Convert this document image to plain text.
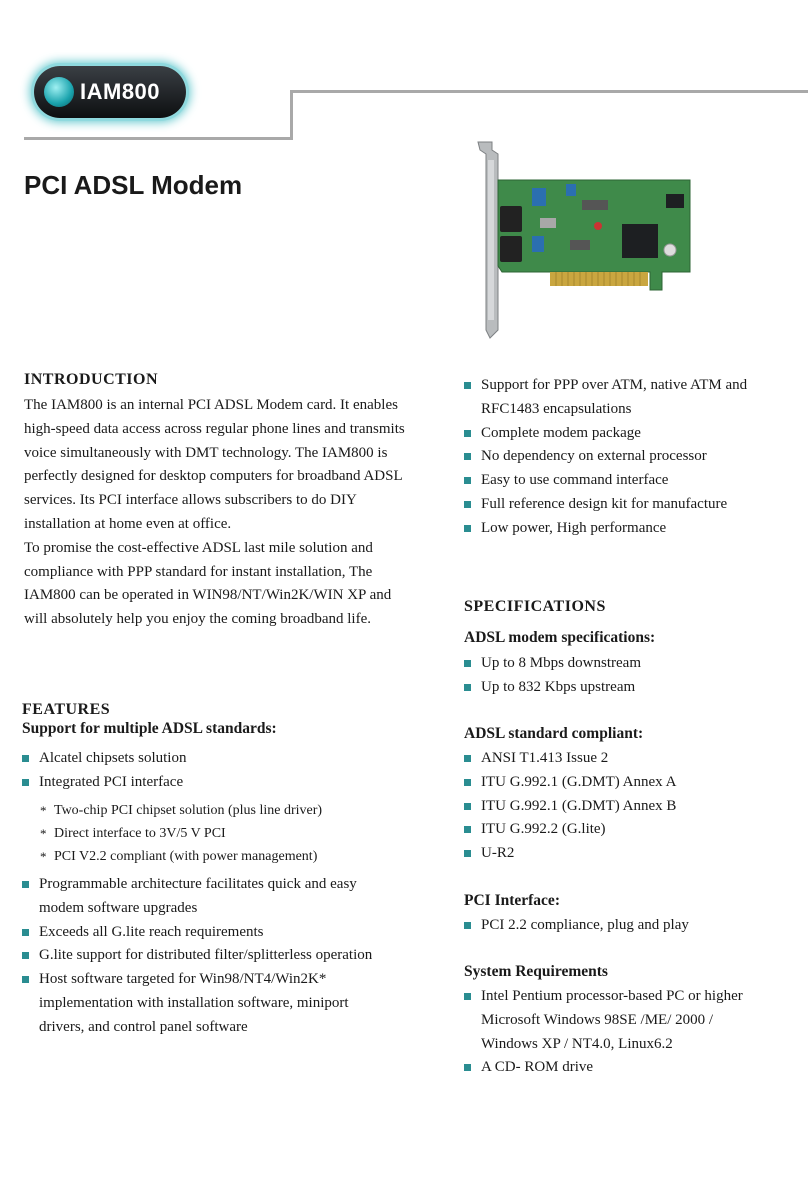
IAM800
PCI ADSL Modem
INTRODUCTION
The IAM800 is an internal PCI ADSL Modem card. It enables
high-speed data access across regular phone lines and transmits
voice simultaneously with DMT technology. The IAM800 is
perfectly designed for desktop computers for broadband ADSL
services. Its PCI interface allows subscribers to do DIY
installation at home even at office.
To promise the cost-effective ADSL last mile solution and
compliance with PPP standard for instant installation, The
IAM800 can be operated in WIN98/NT/Win2K/WIN XP and
will absolutely help you enjoy the coming broadband life.
Support for PPP over ATM, native ATM and
RFC1483 encapsulations
Complete modem package
No dependency on external processor
Easy to use command interface
Full reference design kit for manufacture
Low power, High performance
FEATURES
Support for multiple ADSL standards:
Alcatel chipsets solution
Integrated PCI interface
* Two-chip PCI chipset solution (plus line driver)
* Direct interface to 3V/5 V PCI
* PCI V2.2 compliant (with power management)
Programmable architecture facilitates quick and easy
modem software upgrades
Exceeds all G.lite reach requirements
G.lite support for distributed filter/splitterless operation
Host software targeted for Win98/NT4/Win2K*
implementation with installation software, miniport
drivers, and control panel software
SPECIFICATIONS
ADSL modem specifications:
Up to 8 Mbps downstream
Up to 832 Kbps upstream
ADSL standard compliant:
ANSI T1.413 Issue 2
ITU G.992.1 (G.DMT) Annex A
ITU G.992.1 (G.DMT) Annex B
ITU G.992.2 (G.lite)
U-R2
PCI Interface:
PCI 2.2 compliance, plug and play
System Requirements
Intel Pentium processor-based PC or higher
Microsoft Windows 98SE /ME/ 2000 /
Windows XP / NT4.0, Linux6.2
A CD- ROM drive
